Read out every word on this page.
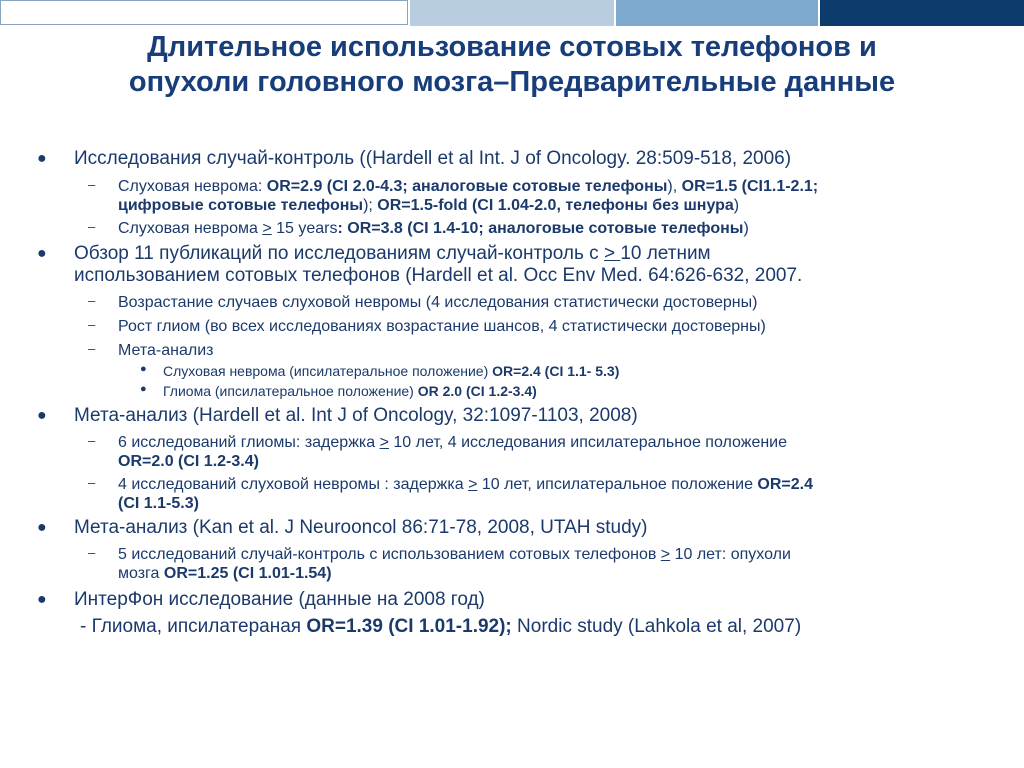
Длительное использование сотовых телефонов и
опухоли головного мозга–Предварительные данные
● Исследования случай-контроль ((Hardell et al Int. J of Oncology. 28:509-518, 2006)
– Слуховая неврома: OR=2.9 (CI 2.0-4.3; аналоговые сотовые телефоны), OR=1.5 (CI1.1-2.1;
цифровые сотовые телефоны); OR=1.5-fold (CI 1.04-2.0, телефоны без шнура)
– Слуховая неврома > 15 years: OR=3.8 (CI 1.4-10; аналоговые сотовые телефоны)
● Обзор 11 публикаций по исследованиям случай-контроль с > 10 летним
использованием сотовых телефонов (Hardell et al. Occ Env Med. 64:626-632, 2007.
– Возрастание случаев слуховой невромы (4 исследования статистически достоверны)
– Рост глиом (во всех исследованиях возрастание шансов, 4 статистически достоверны)
– Мета-анализ
● Слуховая неврома (ипсилатеральное положение) OR=2.4 (CI 1.1- 5.3)
● Глиома (ипсилатеральное положение) OR 2.0 (CI 1.2-3.4)
● Мета-анализ (Hardell et al. Int J of Oncology, 32:1097-1103, 2008)
– 6 исследований глиомы: задержка > 10 лет, 4 исследования ипсилатеральное положение
OR=2.0 (CI 1.2-3.4)
– 4 исследований слуховой невромы : задержка > 10 лет, ипсилатеральное положение OR=2.4
(CI 1.1-5.3)
● Мета-анализ (Kan et al. J Neurooncol 86:71-78, 2008, UTAH study)
– 5 исследований случай-контроль с использованием сотовых телефонов > 10 лет: опухоли
мозга OR=1.25 (CI 1.01-1.54)
● ИнтерФон исследование (данные на 2008 год)
- Глиома, ипсилатераная OR=1.39 (CI 1.01-1.92); Nordic study (Lahkola et al, 2007)
